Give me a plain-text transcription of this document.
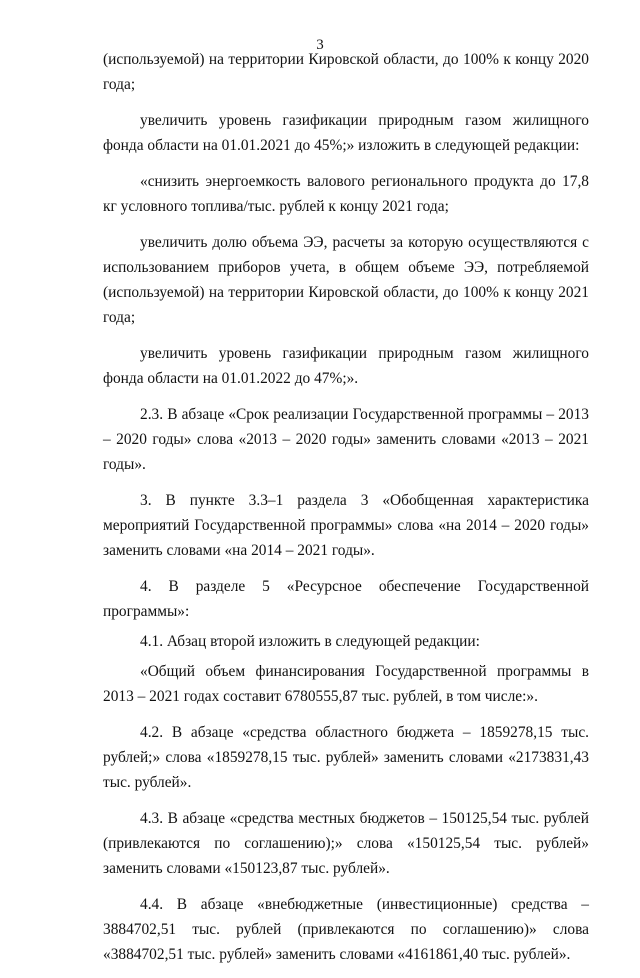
3

(используемой) на территории Кировской области, до 100% к концу 2020 года;

увеличить уровень газификации природным газом жилищного фонда области на 01.01.2021 до 45%;» изложить в следующей редакции:

«снизить энергоемкость валового регионального продукта до 17,8 кг условного топлива/тыс. рублей к концу 2021 года;

увеличить долю объема ЭЭ, расчеты за которую осуществляются с использованием приборов учета, в общем объеме ЭЭ, потребляемой (используемой) на территории Кировской области, до 100% к концу 2021 года;

увеличить уровень газификации природным газом жилищного фонда области на 01.01.2022 до 47%;».

2.3. В абзаце «Срок реализации Государственной программы – 2013 – 2020 годы» слова «2013 – 2020 годы» заменить словами «2013 – 2021 годы».

3. В пункте 3.3–1 раздела 3 «Обобщенная характеристика мероприятий Государственной программы» слова «на 2014 – 2020 годы» заменить словами «на 2014 – 2021 годы».

4. В разделе 5 «Ресурсное обеспечение Государственной программы»:

4.1. Абзац второй изложить в следующей редакции:

«Общий объем финансирования Государственной программы в 2013 – 2021 годах составит 6780555,87 тыс. рублей, в том числе:».

4.2. В абзаце «средства областного бюджета – 1859278,15 тыс. рублей;» слова «1859278,15 тыс. рублей» заменить словами «2173831,43 тыс. рублей».

4.3. В абзаце «средства местных бюджетов – 150125,54 тыс. рублей (привлекаются по соглашению);» слова «150125,54 тыс. рублей» заменить словами «150123,87 тыс. рублей».

4.4. В абзаце «внебюджетные (инвестиционные) средства – 3884702,51 тыс. рублей (привлекаются по соглашению)» слова «3884702,51 тыс. рублей» заменить словами «4161861,40 тыс. рублей».
